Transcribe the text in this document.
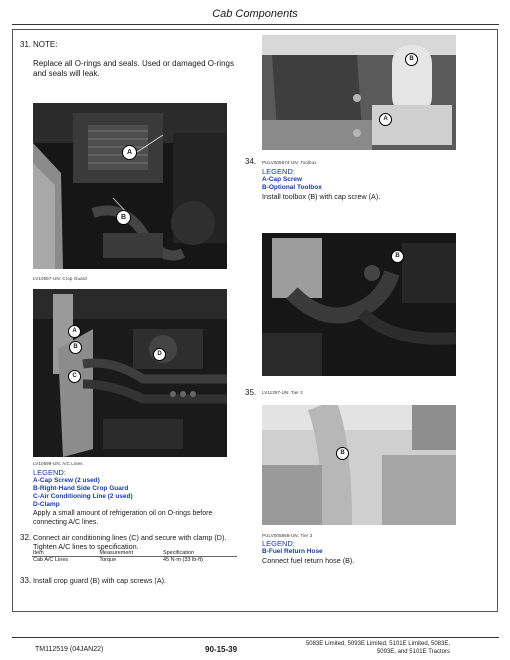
Cab Components
31. NOTE:
Replace all O-rings and seals. Used or damaged O-rings and seals will leak.
A
B
LV10597-UN: Crop Guard
A
B
C
D
LV10599-UN: A/C Lines
LEGEND:
A-Cap Screw (2 used)
B-Right-Hand Side Crop Guard
C-Air Conditioning Line (2 used)
D-Clamp
Apply a small amount of refrigeration oil on O-rings before connecting A/C lines.
32. Connect air conditioning lines (C) and secure with clamp (D). Tighten A/C lines to specification.
Item	Measurement	Specification
Cab A/C Lines	Torque	45 N·m (33 lb-ft)
33. Install crop guard (B) with cap screws (A).
B
A
34. PULV005874-UN: Toolbox
LEGEND:
A-Cap Screw
B-Optional Toolbox
Install toolbox (B) with cap screw (A).
B
35. LV11397-UN: Tier 2
B
PULV005868-UN: Tier 3
LEGEND:
B-Fuel Return Hose
Connect fuel return hose (B).
TM112519 (04JAN22)	90-15-39
5083E Limited, 5093E Limited, 5101E Limited, 5083E,
5093E, and 5101E Tractors
